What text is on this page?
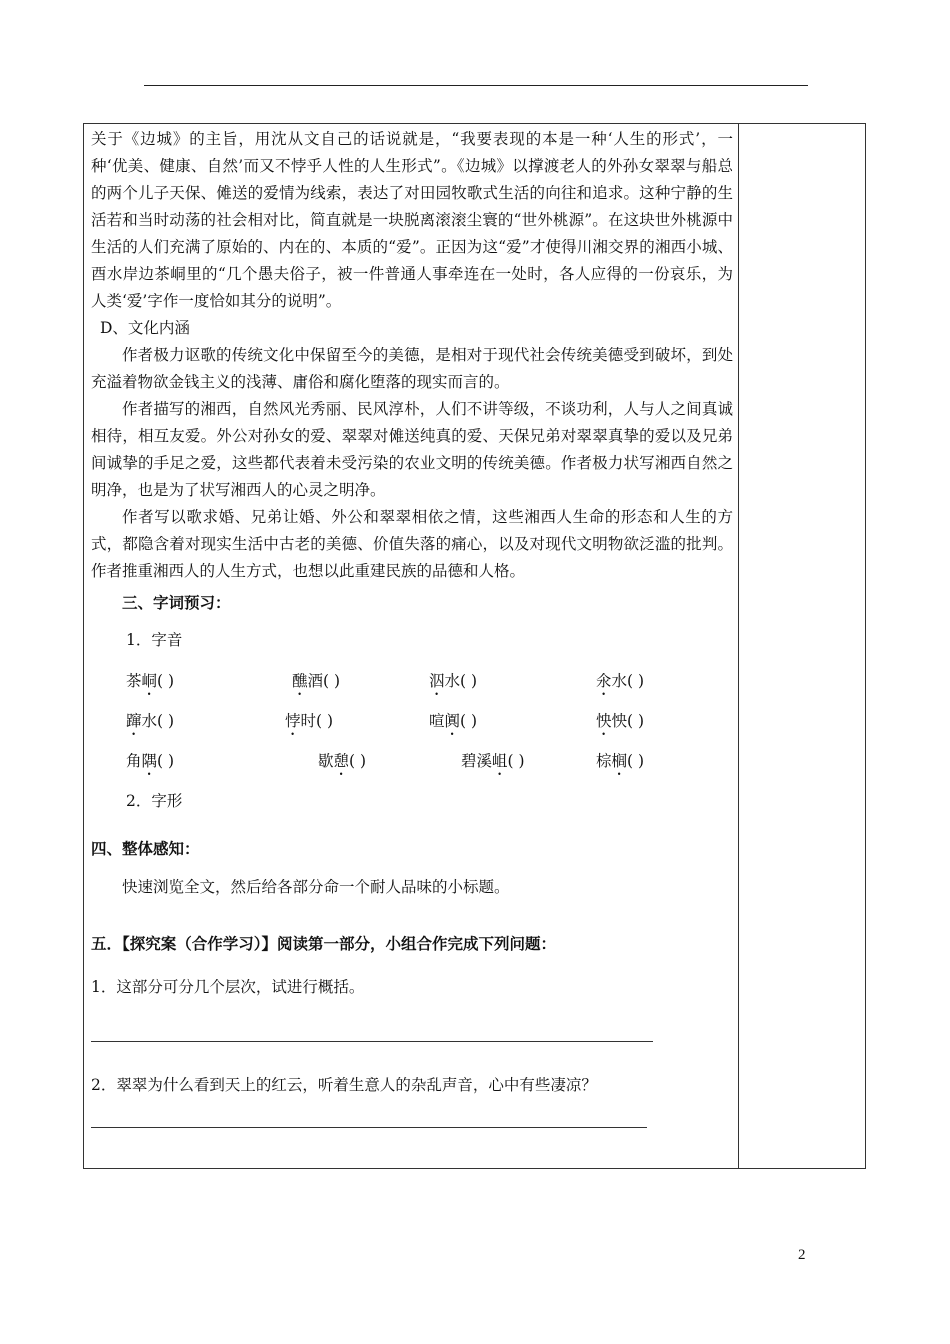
关于《边城》的主旨，用沈从文自己的话说就是，“我要表现的本是一种‘人生的形式’，一种‘优美、健康、自然’而又不悖乎人性的人生形式”。《边城》以撑渡老人的外孙女翠翠与船总的两个儿子天保、傩送的爱情为线索，表达了对田园牧歌式生活的向往和追求。这种宁静的生活若和当时动荡的社会相对比，简直就是一块脱离滚滚尘寰的“世外桃源”。在这块世外桃源中生活的人们充满了原始的、内在的、本质的“爱”。正因为这“爱”才使得川湘交界的湘西小城、酉水岸边茶峒里的“几个愚夫俗子，被一件普通人事牵连在一处时，各人应得的一份哀乐，为人类‘爱’字作一度恰如其分的说明”。

D、文化内涵

作者极力讴歌的传统文化中保留至今的美德，是相对于现代社会传统美德受到破坏，到处充溢着物欲金钱主义的浅薄、庸俗和腐化堕落的现实而言的。

作者描写的湘西，自然风光秀丽、民风淳朴，人们不讲等级，不谈功利，人与人之间真诚相待，相互友爱。外公对孙女的爱、翠翠对傩送纯真的爱、天保兄弟对翠翠真挚的爱以及兄弟间诚挚的手足之爱，这些都代表着未受污染的农业文明的传统美德。作者极力状写湘西自然之明净，也是为了状写湘西人的心灵之明净。

作者写以歌求婚、兄弟让婚、外公和翠翠相依之情，这些湘西人生命的形态和人生的方式，都隐含着对现实生活中古老的美德、价值失落的痛心，以及对现代文明物欲泛滥的批判。作者推重湘西人的人生方式，也想以此重建民族的品德和人格。

三、字词预习：

1．字音

茶峒( )	醮酒( )	泅水( )	氽水( )
蹿水( )	悖时( )	喧阗( )	怏怏( )
角隅( )	歇憩( )	碧溪岨( )	棕榈( )

2．字形

四、整体感知：

快速浏览全文，然后给各部分命一个耐人品味的小标题。

五．【探究案（合作学习）】阅读第一部分，小组合作完成下列问题：

1．这部分可分几个层次，试进行概括。

2．翠翠为什么看到天上的红云，听着生意人的杂乱声音，心中有些凄凉？

2
